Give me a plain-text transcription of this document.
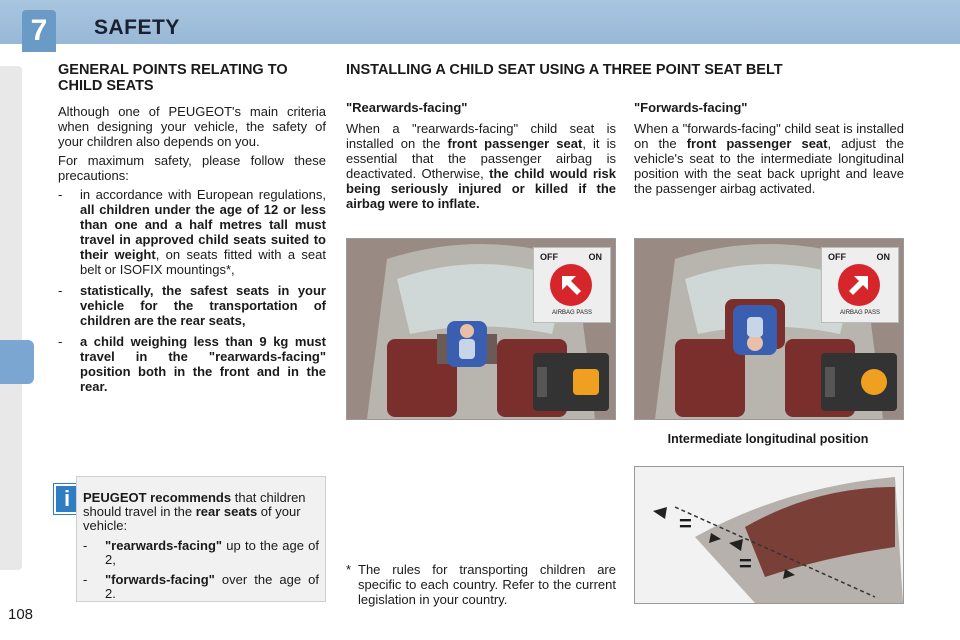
7	SAFETY
108
GENERAL POINTS RELATING TO CHILD SEATS

Although one of PEUGEOT's main criteria when designing your vehicle, the safety of your children also depends on you.

For maximum safety, please follow these precautions:

-	in accordance with European regulations, all children under the age of 12 or less than one and a half metres tall must travel in approved child seats suited to their weight, on seats fitted with a seat belt or ISOFIX mountings*,
-	statistically, the safest seats in your vehicle for the transportation of children are the rear seats,
-	a child weighing less than 9 kg must travel in the "rearwards-facing" position both in the front and in the rear.
i PEUGEOT recommends that children should travel in the rear seats of your vehicle:
-	"rearwards-facing" up to the age of 2,
-	"forwards-facing" over the age of 2.
INSTALLING A CHILD SEAT USING A THREE POINT SEAT BELT
"Rearwards-facing"
When a "rearwards-facing" child seat is installed on the front passenger seat, it is essential that the passenger airbag is deactivated. Otherwise, the child would risk being seriously injured or killed if the airbag were to inflate.
"Forwards-facing"
When a "forwards-facing" child seat is installed on the front passenger seat, adjust the vehicle's seat to the intermediate longitudinal position with the seat back upright and leave the passenger airbag activated.
OFF	ON
AIRBAG PASS
OFF	ON
AIRBAG PASS
Intermediate longitudinal position
=
=
* The rules for transporting children are specific to each country. Refer to the current legislation in your country.
